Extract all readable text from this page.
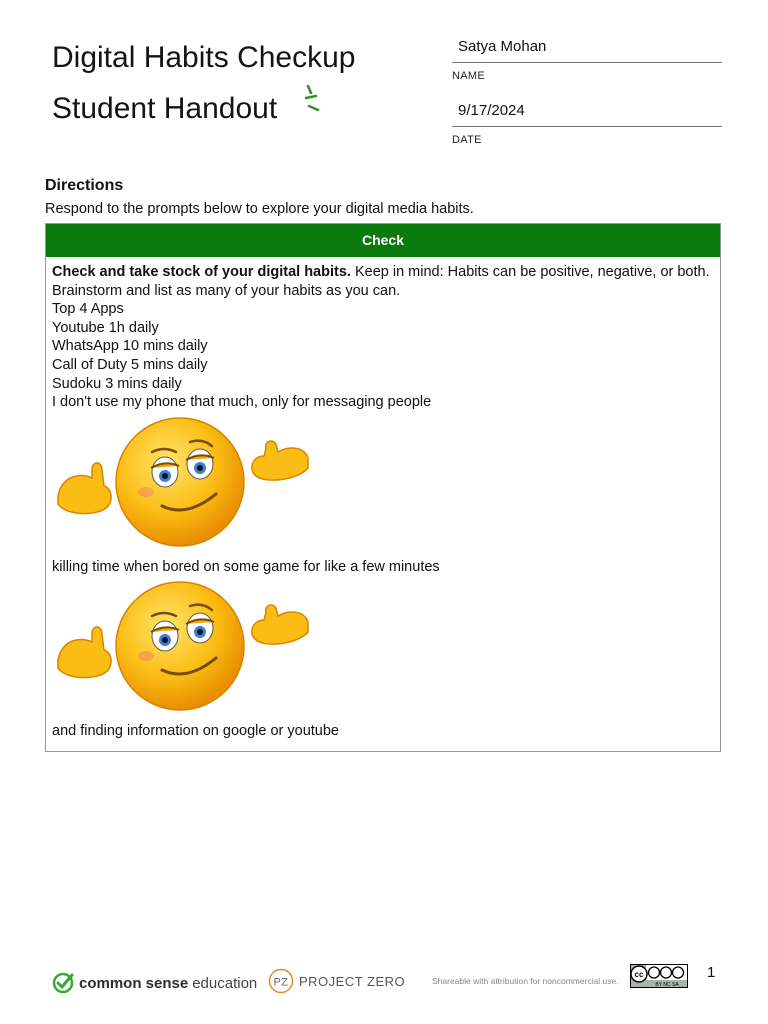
Digital Habits Checkup
Student Handout
Satya Mohan
NAME
9/17/2024
DATE
Directions
Respond to the prompts below to explore your digital media habits.
Check
Check and take stock of your digital habits. Keep in mind: Habits can be positive, negative, or both.
Brainstorm and list as many of your habits as you can.
Top 4 Apps
Youtube 1h daily
WhatsApp 10 mins daily
Call of Duty 5 mins daily
Sudoku 3 mins daily
I don't use my phone that much, only for messaging people
killing time when bored on some game for like a few minutes
and finding information on google or youtube
common sense education PZ PROJECT ZERO	Shareable with attribution for noncommercial use.
cc
BY NC SA
1
